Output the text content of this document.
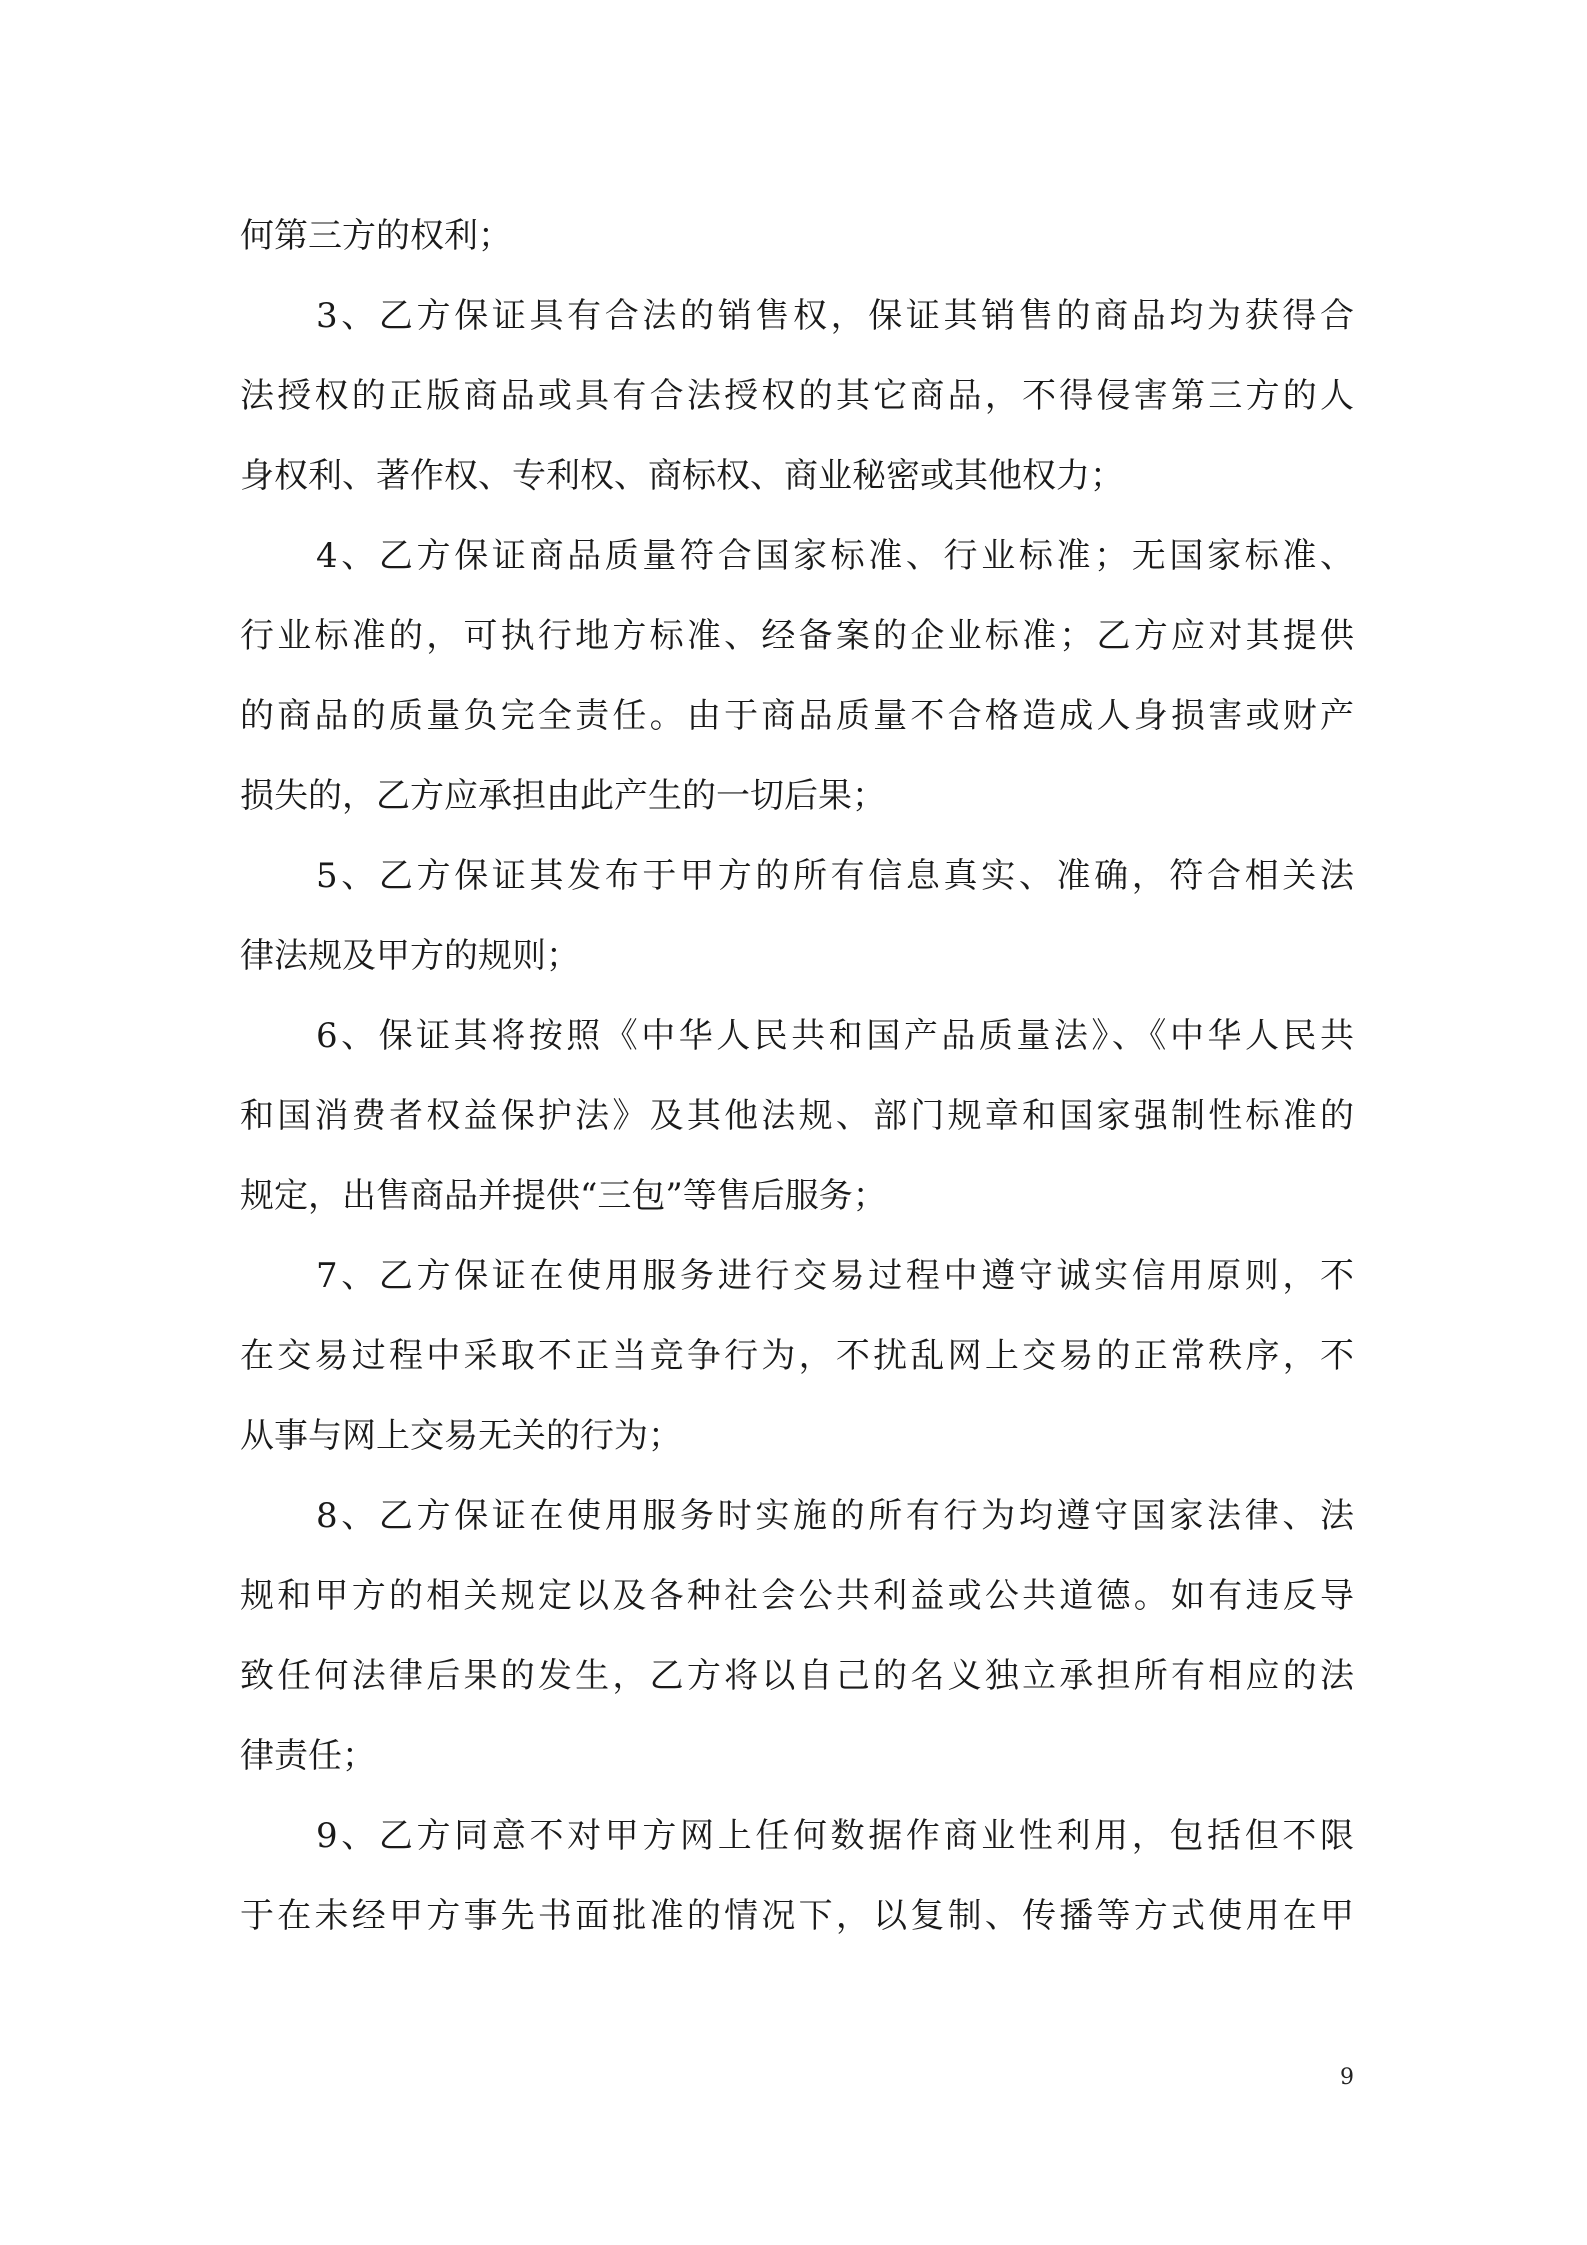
何第三方的权利；
3、乙方保证具有合法的销售权，保证其销售的商品均为获得合
法授权的正版商品或具有合法授权的其它商品，不得侵害第三方的人
身权利、著作权、专利权、商标权、商业秘密或其他权力；
4、乙方保证商品质量符合国家标准、行业标准；无国家标准、
行业标准的，可执行地方标准、经备案的企业标准；乙方应对其提供
的商品的质量负完全责任。由于商品质量不合格造成人身损害或财产
损失的，乙方应承担由此产生的一切后果；
5、乙方保证其发布于甲方的所有信息真实、准确，符合相关法
律法规及甲方的规则；
6、保证其将按照《中华人民共和国产品质量法》、《中华人民共
和国消费者权益保护法》及其他法规、部门规章和国家强制性标准的
规定，出售商品并提供“三包”等售后服务；
7、乙方保证在使用服务进行交易过程中遵守诚实信用原则，不
在交易过程中采取不正当竞争行为，不扰乱网上交易的正常秩序，不
从事与网上交易无关的行为；
8、乙方保证在使用服务时实施的所有行为均遵守国家法律、法
规和甲方的相关规定以及各种社会公共利益或公共道德。如有违反导
致任何法律后果的发生，乙方将以自己的名义独立承担所有相应的法
律责任；
9、乙方同意不对甲方网上任何数据作商业性利用，包括但不限
于在未经甲方事先书面批准的情况下，以复制、传播等方式使用在甲
9
